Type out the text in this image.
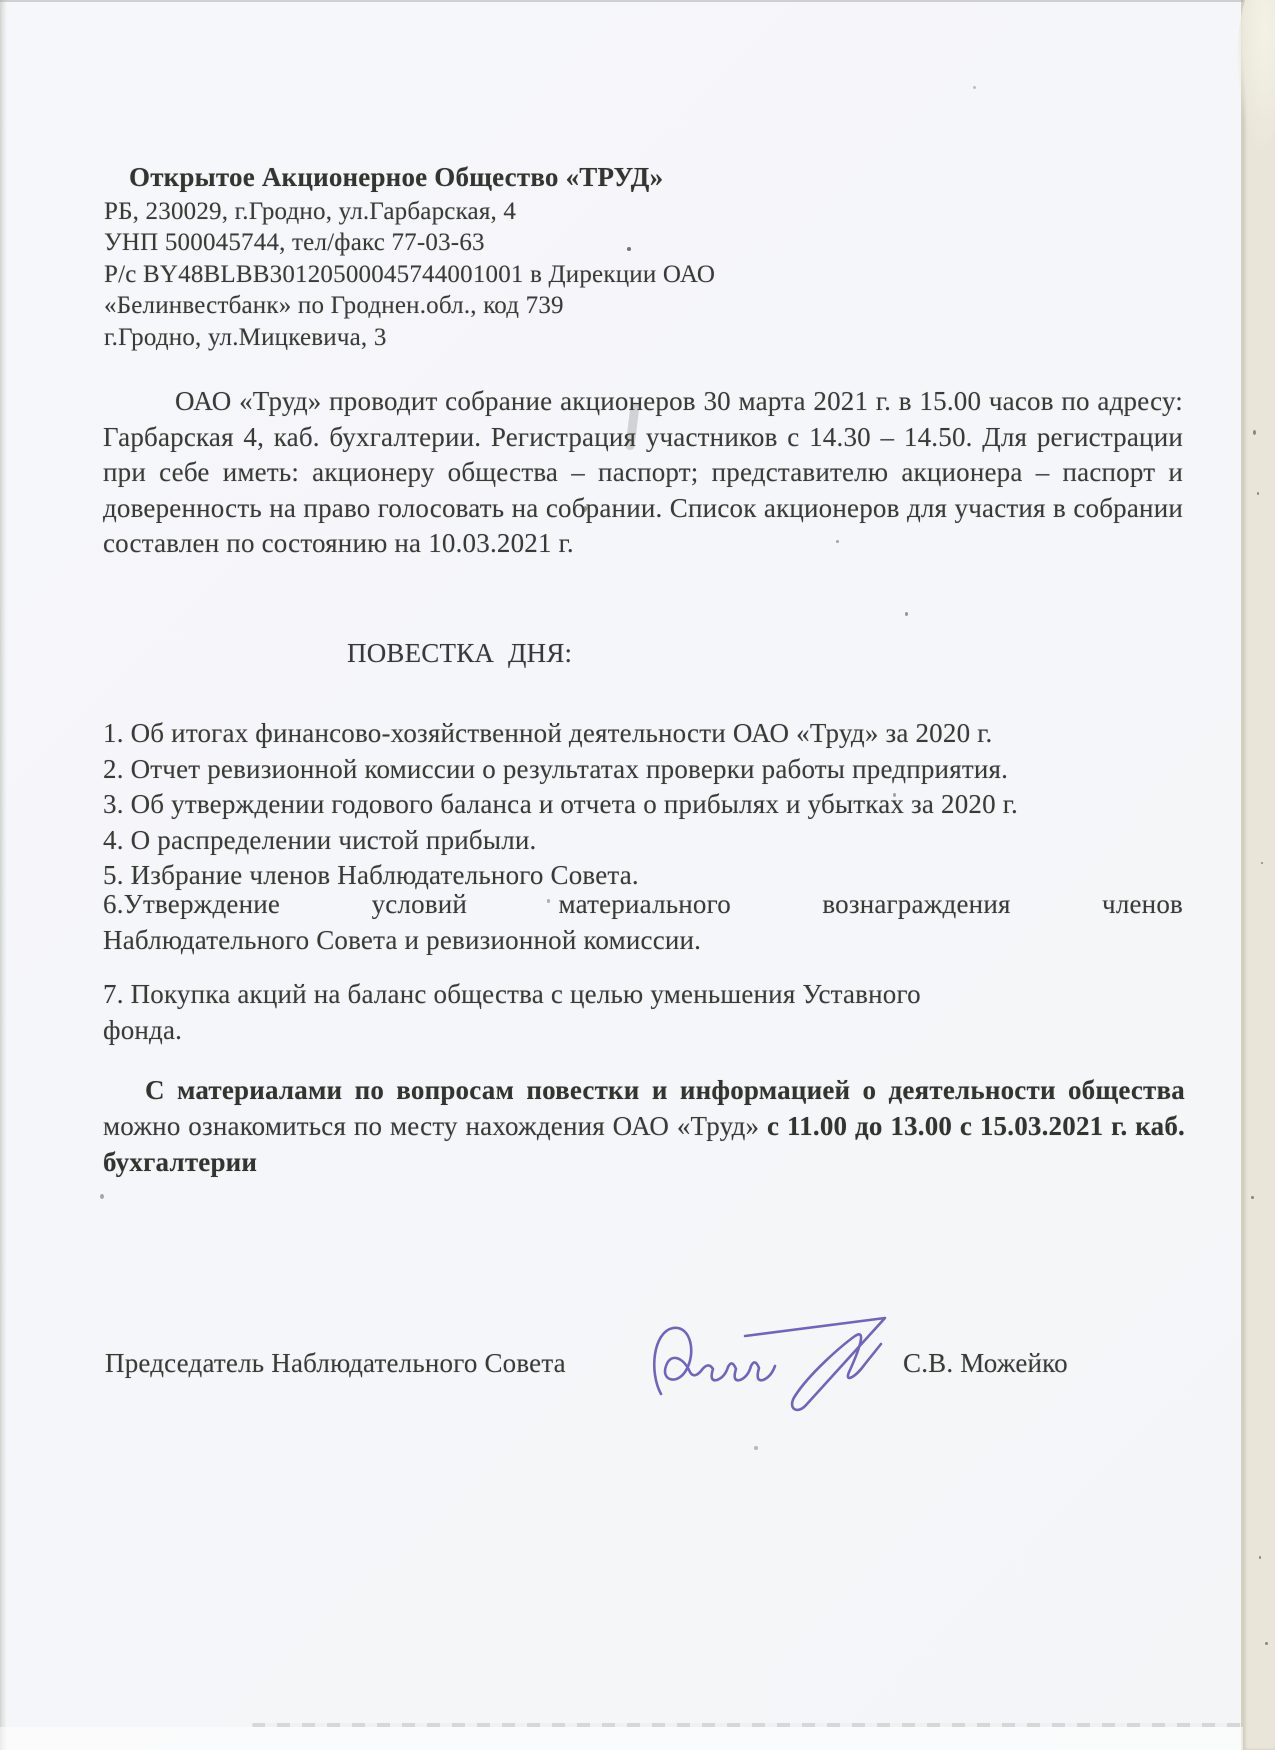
Открытое Акционерное Общество «ТРУД»
РБ, 230029, г.Гродно, ул.Гарбарская, 4
УНП 500045744, тел/факс 77-03-63
Р/с BY48BLBB30120500045744001001 в Дирекции ОАО
«Белинвестбанк» по Гроднен.обл., код 739
г.Гродно, ул.Мицкевича, 3
ОАО «Труд» проводит собрание акционеров 30 марта 2021 г. в 15.00 часов по адресу: Гарбарская 4, каб. бухгалтерии. Регистрация участников с 14.30 – 14.50. Для регистрации при себе иметь: акционеру общества – паспорт; представителю акционера – паспорт и доверенность на право голосовать на собрании. Список акционеров для участия в собрании составлен по состоянию на 10.03.2021 г.
ПОВЕСТКА  ДНЯ:
1. Об итогах финансово-хозяйственной деятельности ОАО «Труд» за 2020 г.
2. Отчет ревизионной комиссии о результатах проверки работы предприятия.
3. Об утверждении годового баланса и отчета о прибылях и убытках за 2020 г.
4. О распределении чистой прибыли.
5. Избрание членов Наблюдательного Совета.
6.Утверждение	условий	материального	вознаграждения	членов
Наблюдательного Совета и ревизионной комиссии.
7. Покупка акций на баланс общества с целью уменьшения Уставного
фонда.
С материалами по вопросам повестки и информацией о деятельности общества можно ознакомиться по месту нахождения ОАО «Труд» с 11.00 до 13.00 с 15.03.2021 г. каб. бухгалтерии
Председатель Наблюдательного Совета	С.В. Можейко
